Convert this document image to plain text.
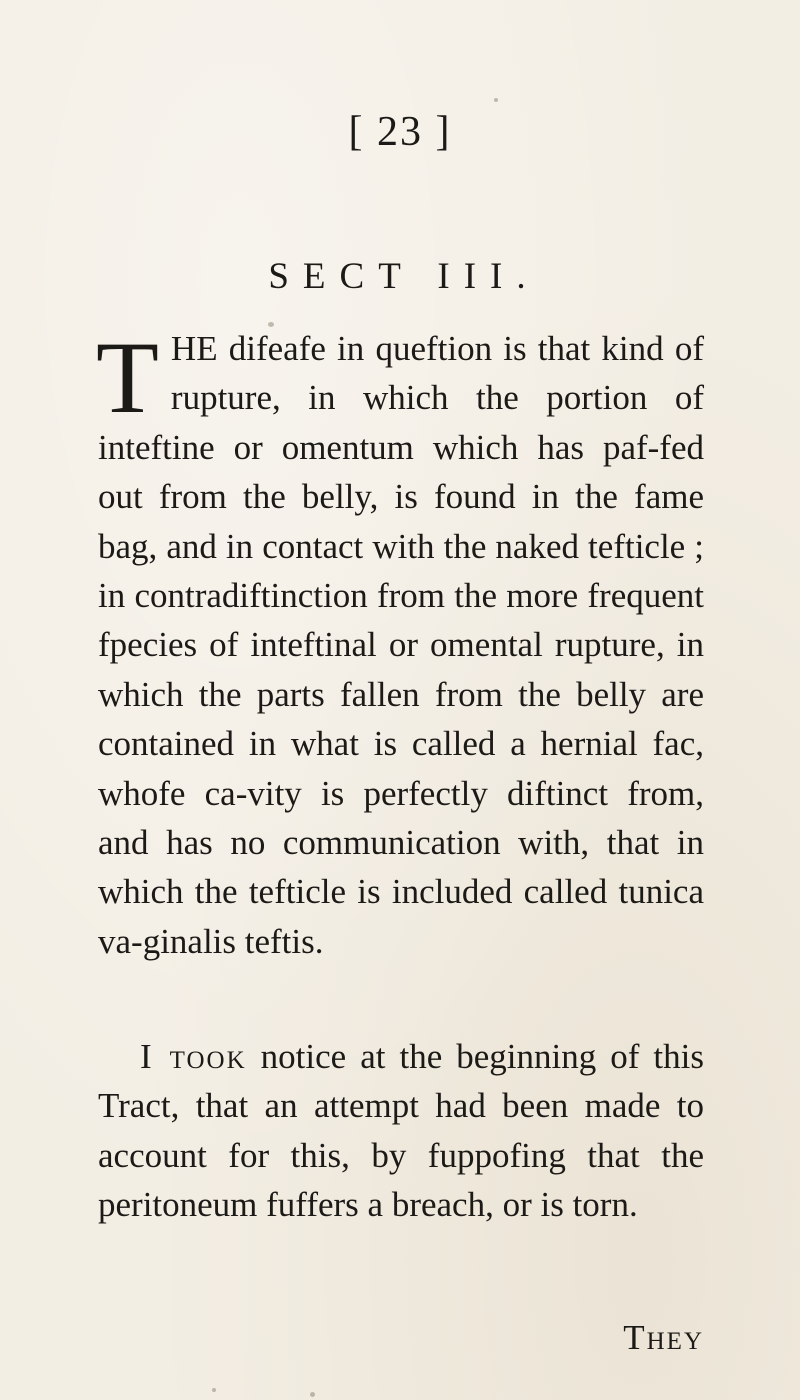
[ 23 ]
SECT III.
THE difeafe in queftion is that kind of rupture, in which the portion of inteftine or omentum which has paf-fed out from the belly, is found in the fame bag, and in contact with the naked tefticle ; in contradiftinction from the more frequent fpecies of inteftinal or omental rupture, in which the parts fallen from the belly are contained in what is called a hernial fac, whofe ca-vity is perfectly diftinct from, and has no communication with, that in which the tefticle is included called tunica va-ginalis teftis.
I took notice at the beginning of this Tract, that an attempt had been made to account for this, by fuppofing that the peritoneum fuffers a breach, or is torn.
They
